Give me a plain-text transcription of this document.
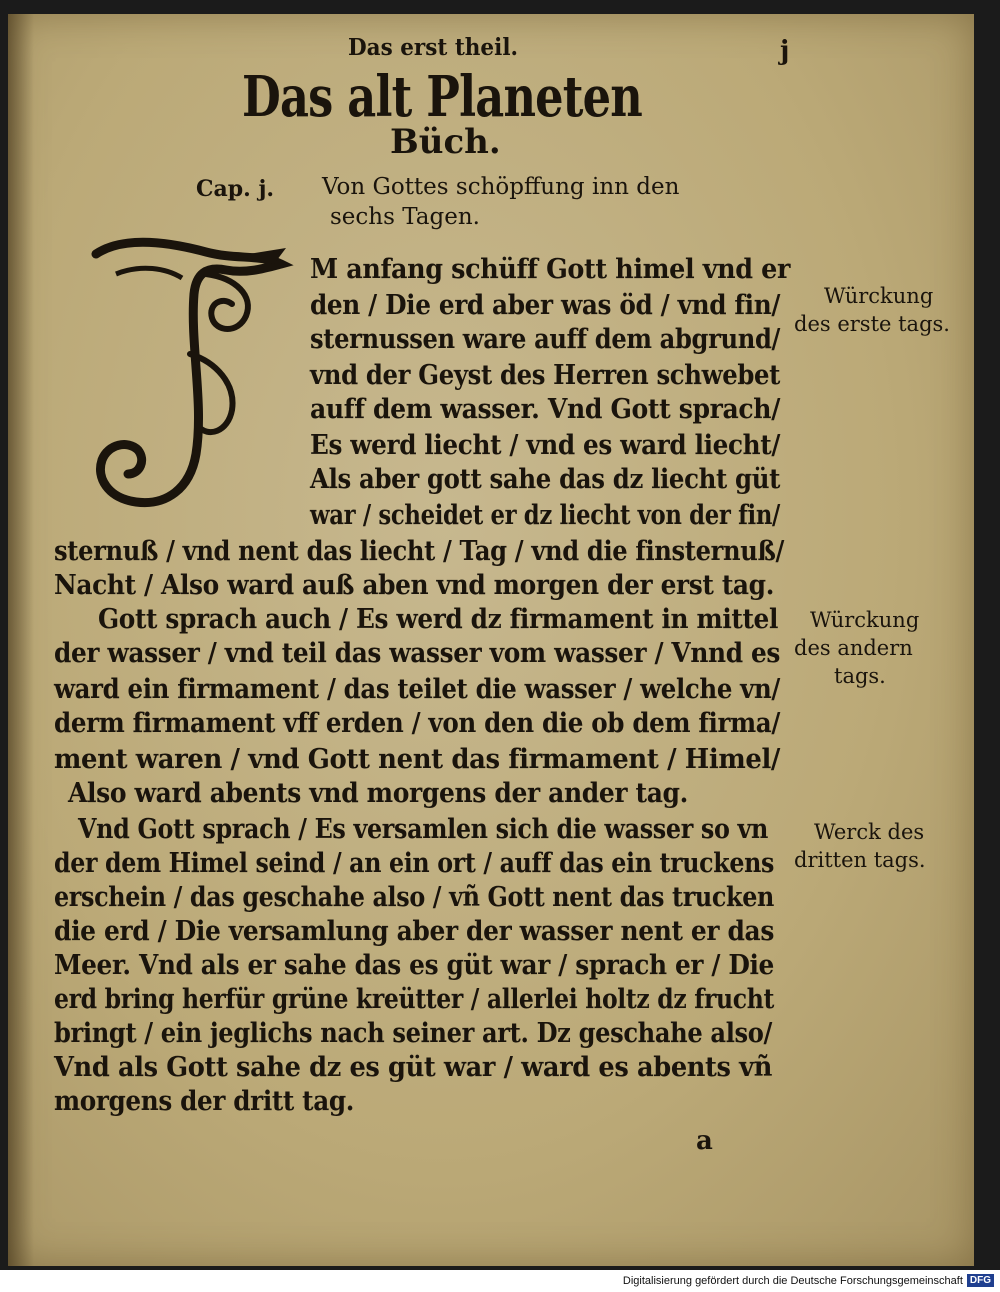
Das erst theil.	j
Das alt Planeten
Büch.
Cap. j. Von Gottes schöpffung inn den
sechs Tagen.
M anfang schüff Gott himel vnd er
den / Die erd aber was öd / vnd fin/
sternussen ware auff dem abgrund/
vnd der Geyst des Herren schwebet
auff dem wasser. Vnd Gott sprach/
Es werd liecht / vnd es ward liecht/
Als aber gott sahe das dz liecht güt
war / scheidet er dz liecht von der fin/
sternuß / vnd nent das liecht / Tag / vnd die finsternuß/
Nacht / Also ward auß aben vnd morgen der erst tag.
Gott sprach auch / Es werd dz firmament in mittel
der wasser / vnd teil das wasser vom wasser / Vnnd es
ward ein firmament / das teilet die wasser / welche vn/
derm firmament vff erden / von den die ob dem firma/
ment waren / vnd Gott nent das firmament / Himel/
Also ward abents vnd morgens der ander tag.
Vnd Gott sprach / Es versamlen sich die wasser so vn
der dem Himel seind / an ein ort / auff das ein truckens
erschein / das geschahe also / vñ Gott nent das trucken
die erd / Die versamlung aber der wasser nent er das
Meer. Vnd als er sahe das es güt war / sprach er / Die
erd bring herfür grüne kreütter / allerlei holtz dz frucht
bringt / ein jeglichs nach seiner art. Dz geschahe also/
Vnd als Gott sahe dz es güt war / ward es abents vñ
morgens der dritt tag.
Würckung
des erste tags.
Würckung
des andern
tags.
Werck des
dritten tags.
a
Digitalisierung gefördert durch die Deutsche Forschungsgemeinschaft DFG
